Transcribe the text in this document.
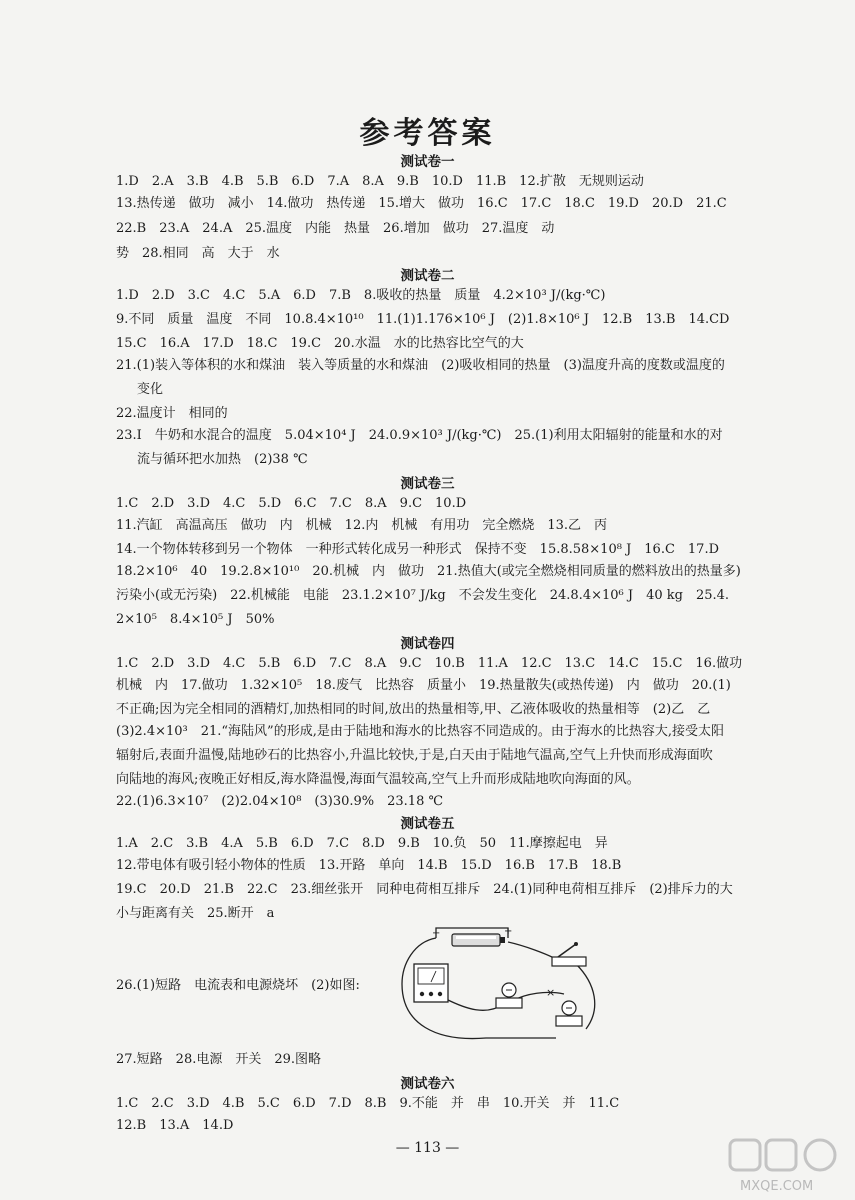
参考答案
测试卷一
1.D　2.A　3.B　4.B　5.B　6.D　7.A　8.A　9.B　10.D　11.B　12.扩散　无规则运动
13.热传递　做功　减小　14.做功　热传递　15.增大　做功　16.C　17.C　18.C　19.D　20.D　21.C
22.B　23.A　24.A　25.温度　内能　热量　26.增加　做功　27.温度　动
势　28.相同　高　大于　水
测试卷二
1.D　2.D　3.C　4.C　5.A　6.D　7.B　8.吸收的热量　质量　4.2×10³ J/(kg·℃)
9.不同　质量　温度　不同　10.8.4×10¹⁰　11.(1)1.176×10⁶ J　(2)1.8×10⁶ J　12.B　13.B　14.CD
15.C　16.A　17.D　18.C　19.C　20.水温　水的比热容比空气的大
21.(1)装入等体积的水和煤油　装入等质量的水和煤油　(2)吸收相同的热量　(3)温度升高的度数或温度的
变化
22.温度计　相同的
23.I　牛奶和水混合的温度　5.04×10⁴ J　24.0.9×10³ J/(kg·℃)　25.(1)利用太阳辐射的能量和水的对
流与循环把水加热　(2)38 ℃
测试卷三
1.C　2.D　3.D　4.C　5.D　6.C　7.C　8.A　9.C　10.D
11.汽缸　高温高压　做功　内　机械　12.内　机械　有用功　完全燃烧　13.乙　丙
14.一个物体转移到另一个物体　一种形式转化成另一种形式　保持不变　15.8.58×10⁸ J　16.C　17.D
18.2×10⁶　40　19.2.8×10¹⁰　20.机械　内　做功　21.热值大(或完全燃烧相同质量的燃料放出的热量多)
污染小(或无污染)　22.机械能　电能　23.1.2×10⁷ J/kg　不会发生变化　24.8.4×10⁶ J　40 kg　25.4.
2×10⁵　8.4×10⁵ J　50%
测试卷四
1.C　2.D　3.D　4.C　5.B　6.D　7.C　8.A　9.C　10.B　11.A　12.C　13.C　14.C　15.C　16.做功
机械　内　17.做功　1.32×10⁵　18.废气　比热容　质量小　19.热量散失(或热传递)　内　做功　20.(1)
不正确;因为完全相同的酒精灯,加热相同的时间,放出的热量相等,甲、乙液体吸收的热量相等　(2)乙　乙
(3)2.4×10³　21.“海陆风”的形成,是由于陆地和海水的比热容不同造成的。由于海水的比热容大,接受太阳
辐射后,表面升温慢,陆地砂石的比热容小,升温比较快,于是,白天由于陆地气温高,空气上升快而形成海面吹
向陆地的海风;夜晚正好相反,海水降温慢,海面气温较高,空气上升而形成陆地吹向海面的风。
22.(1)6.3×10⁷　(2)2.04×10⁸　(3)30.9%　23.18 ℃
测试卷五
1.A　2.C　3.B　4.A　5.B　6.D　7.C　8.D　9.B　10.负　50　11.摩擦起电　异
12.带电体有吸引轻小物体的性质　13.开路　单向　14.B　15.D　16.B　17.B　18.B
19.C　20.D　21.B　22.C　23.细丝张开　同种电荷相互排斥　24.(1)同种电荷相互排斥　(2)排斥力的大
小与距离有关　25.断开　a
26.(1)短路　电流表和电源烧坏　(2)如图:
−	+
×
27.短路　28.电源　开关　29.图略
测试卷六
1.C　2.C　3.D　4.B　5.C　6.D　7.D　8.B　9.不能　并　串　10.开关　并　11.C
12.B　13.A　14.D
— 113 —
MXQE.COM
